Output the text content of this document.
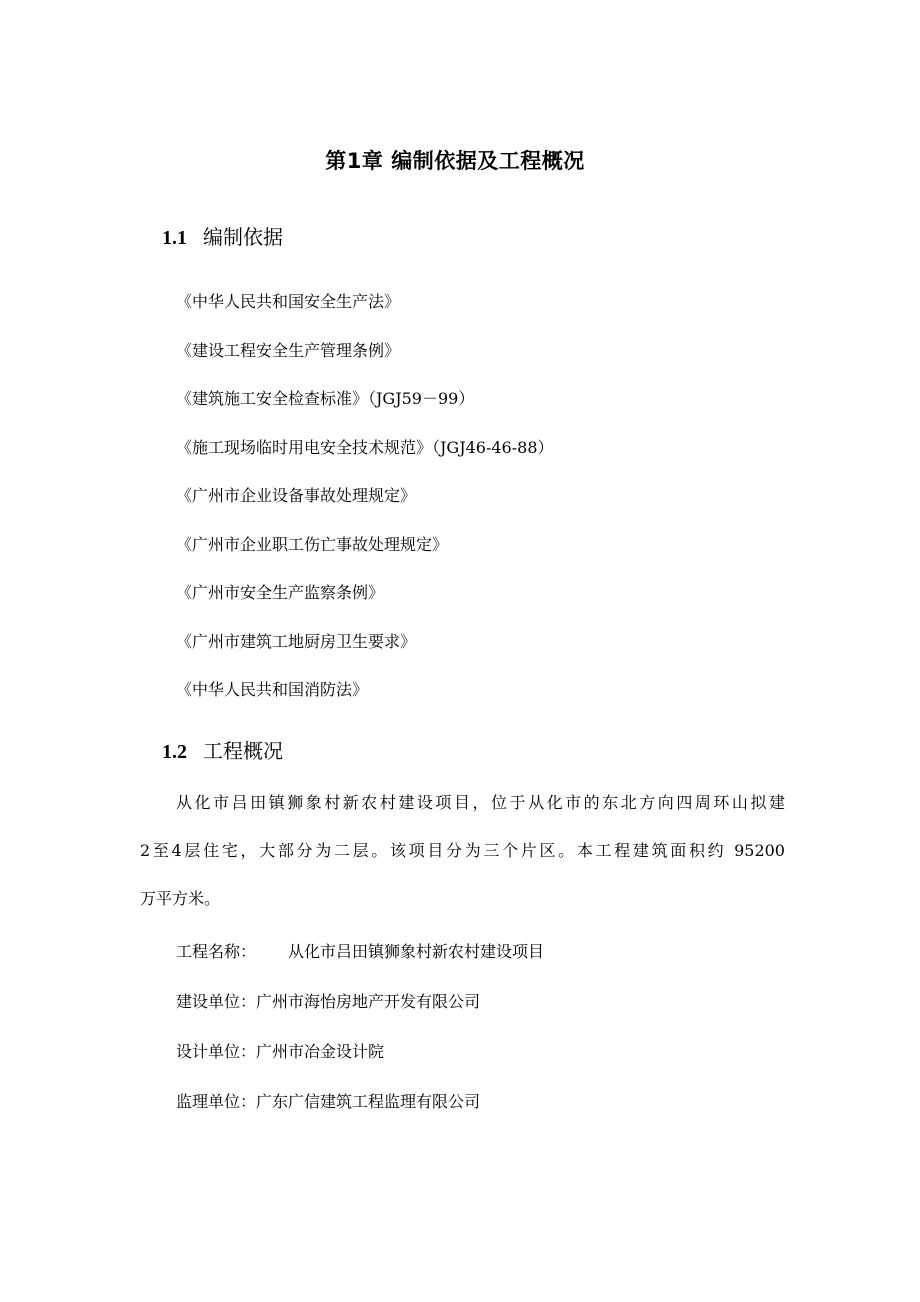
第1章 编制依据及工程概况
1.1 编制依据
《中华人民共和国安全生产法》
《建设工程安全生产管理条例》
《建筑施工安全检查标准》（JGJ59－99）
《施工现场临时用电安全技术规范》（JGJ46-46-88）
《广州市企业设备事故处理规定》
《广州市企业职工伤亡事故处理规定》
《广州市安全生产监察条例》
《广州市建筑工地厨房卫生要求》
《中华人民共和国消防法》
1.2 工程概况

从化市吕田镇狮象村新农村建设项目，位于从化市的东北方向四周环山拟建
2至4层住宅，大部分为二层。该项目分为三个片区。本工程建筑面积约 95200
万平方米。

工程名称： 从化市吕田镇狮象村新农村建设项目
建设单位：广州市海怡房地产开发有限公司
设计单位：广州市冶金设计院
监理单位：广东广信建筑工程监理有限公司
